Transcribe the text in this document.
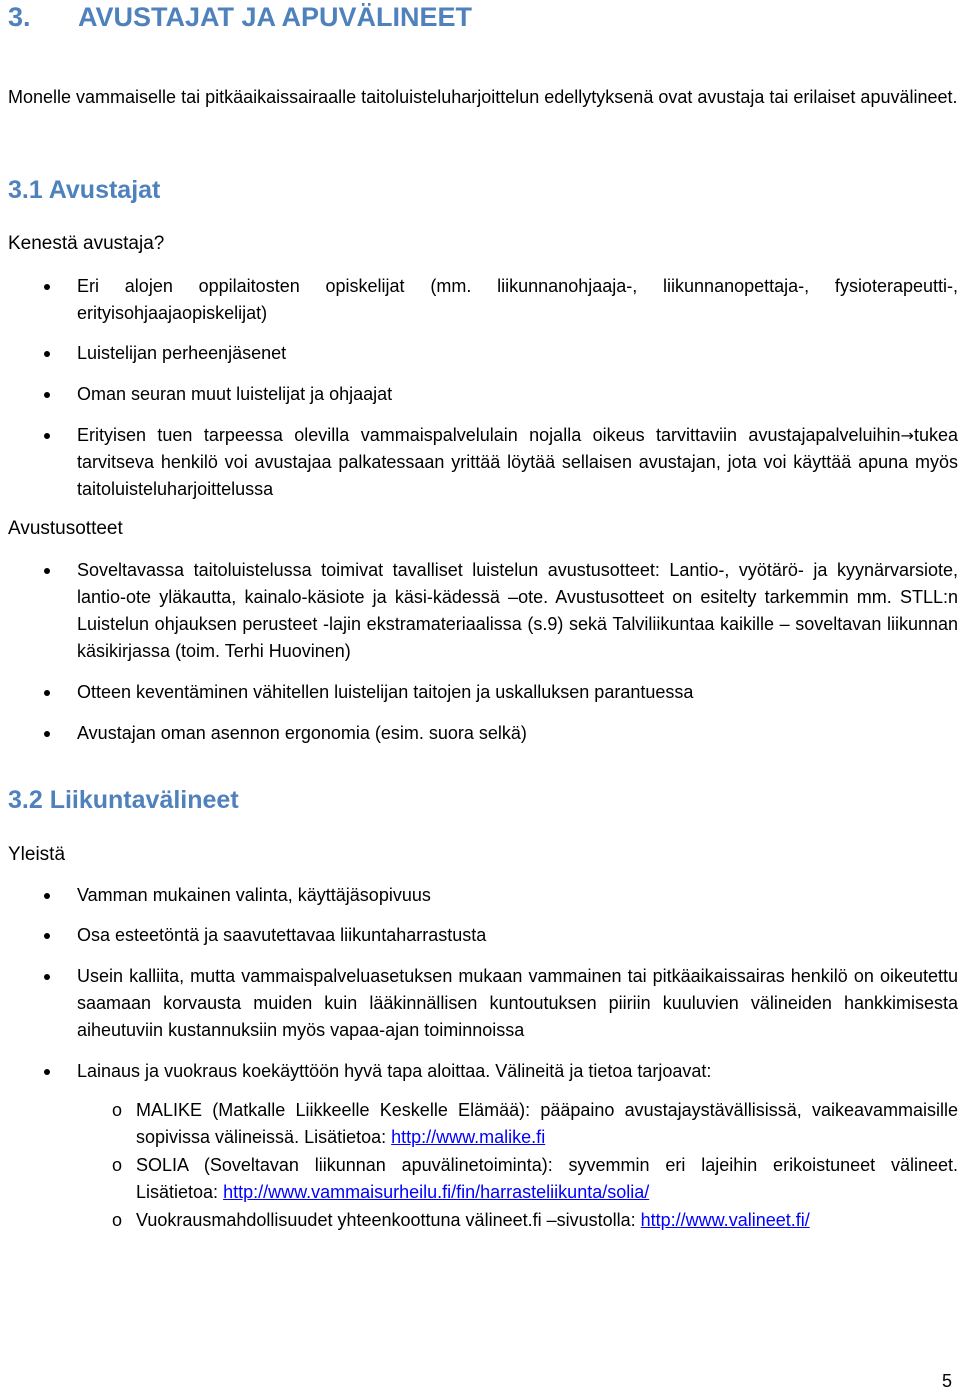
3. AVUSTAJAT JA APUVÄLINEET

Monelle vammaiselle tai pitkäaikaissairaalle taitoluisteluharjoittelun edellytyksenä ovat avustaja tai erilaiset apuvälineet.

3.1 Avustajat
Kenestä avustaja?
Eri alojen oppilaitosten opiskelijat (mm. liikunnanohjaaja-, liikunnanopettaja-, fysioterapeutti-, erityisohjaajaopiskelijat)
Luistelijan perheenjäsenet
Oman seuran muut luistelijat ja ohjaajat
Erityisen tuen tarpeessa olevilla vammaispalvelulain nojalla oikeus tarvittaviin avustajapalveluihin→tukea tarvitseva henkilö voi avustajaa palkatessaan yrittää löytää sellaisen avustajan, jota voi käyttää apuna myös taitoluisteluharjoittelussa
Avustusotteet
Soveltavassa taitoluistelussa toimivat tavalliset luistelun avustusotteet: Lantio-, vyötärö- ja kyynärvarsiote, lantio-ote yläkautta, kainalo-käsiote ja käsi-kädessä –ote. Avustusotteet on esitelty tarkemmin mm. STLL:n Luistelun ohjauksen perusteet -lajin ekstramateriaalissa (s.9) sekä Talviliikuntaa kaikille – soveltavan liikunnan käsikirjassa (toim. Terhi Huovinen)
Otteen keventäminen vähitellen luistelijan taitojen ja uskalluksen parantuessa
Avustajan oman asennon ergonomia (esim. suora selkä)
3.2 Liikuntavälineet
Yleistä
Vamman mukainen valinta, käyttäjäsopivuus
Osa esteetöntä ja saavutettavaa liikuntaharrastusta
Usein kalliita, mutta vammaispalveluasetuksen mukaan vammainen tai pitkäaikaissairas henkilö on oikeutettu saamaan korvausta muiden kuin lääkinnällisen kuntoutuksen piiriin kuuluvien välineiden hankkimisesta aiheutuviin kustannuksiin myös vapaa-ajan toiminnoissa
Lainaus ja vuokraus koekäyttöön hyvä tapa aloittaa. Välineitä ja tietoa tarjoavat:
o MALIKE (Matkalle Liikkeelle Keskelle Elämää): pääpaino avustajaystävällisissä, vaikeavammaisille sopivissa välineissä. Lisätietoa: http://www.malike.fi
o SOLIA (Soveltavan liikunnan apuvälinetoiminta): syvemmin eri lajeihin erikoistuneet välineet. Lisätietoa: http://www.vammaisurheilu.fi/fin/harrasteliikunta/solia/
o Vuokrausmahdollisuudet yhteenkoottuna välineet.fi –sivustolla: http://www.valineet.fi/
5
